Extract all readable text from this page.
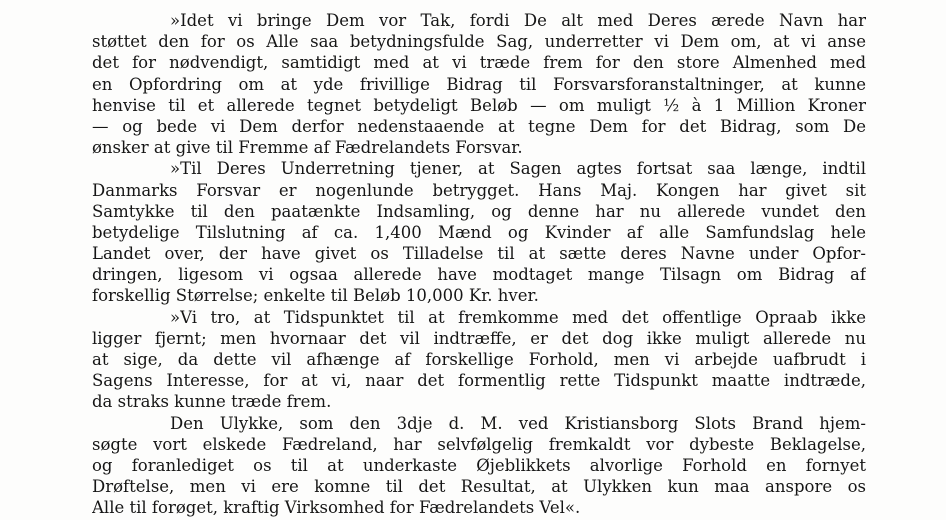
»Idet vi bringe Dem vor Tak, fordi De alt med Deres ærede Navn har
støttet den for os Alle saa betydningsfulde Sag, underretter vi Dem om, at vi anse
det for nødvendigt, samtidigt med at vi træde frem for den store Almenhed med
en Opfordring om at yde frivillige Bidrag til Forsvarsforanstaltninger, at kunne
henvise til et allerede tegnet betydeligt Beløb — om muligt ½ à 1 Million Kroner
— og bede vi Dem derfor nedenstaaende at tegne Dem for det Bidrag, som De
ønsker at give til Fremme af Fædrelandets Forsvar.
»Til Deres Underretning tjener, at Sagen agtes fortsat saa længe, indtil
Danmarks Forsvar er nogenlunde betrygget. Hans Maj. Kongen har givet sit
Samtykke til den paatænkte Indsamling, og denne har nu allerede vundet den
betydelige Tilslutning af ca. 1,400 Mænd og Kvinder af alle Samfundslag hele
Landet over, der have givet os Tilladelse til at sætte deres Navne under Opfor-
dringen, ligesom vi ogsaa allerede have modtaget mange Tilsagn om Bidrag af
forskellig Størrelse; enkelte til Beløb 10,000 Kr. hver.
»Vi tro, at Tidspunktet til at fremkomme med det offentlige Opraab ikke
ligger fjernt; men hvornaar det vil indtræffe, er det dog ikke muligt allerede nu
at sige, da dette vil afhænge af forskellige Forhold, men vi arbejde uafbrudt i
Sagens Interesse, for at vi, naar det formentlig rette Tidspunkt maatte indtræde,
da straks kunne træde frem.
Den Ulykke, som den 3dje d. M. ved Kristiansborg Slots Brand hjem-
søgte vort elskede Fædreland, har selvfølgelig fremkaldt vor dybeste Beklagelse,
og foranlediget os til at underkaste Øjeblikkets alvorlige Forhold en fornyet
Drøftelse, men vi ere komne til det Resultat, at Ulykken kun maa anspore os
Alle til forøget, kraftig Virksomhed for Fædrelandets Vel«.
